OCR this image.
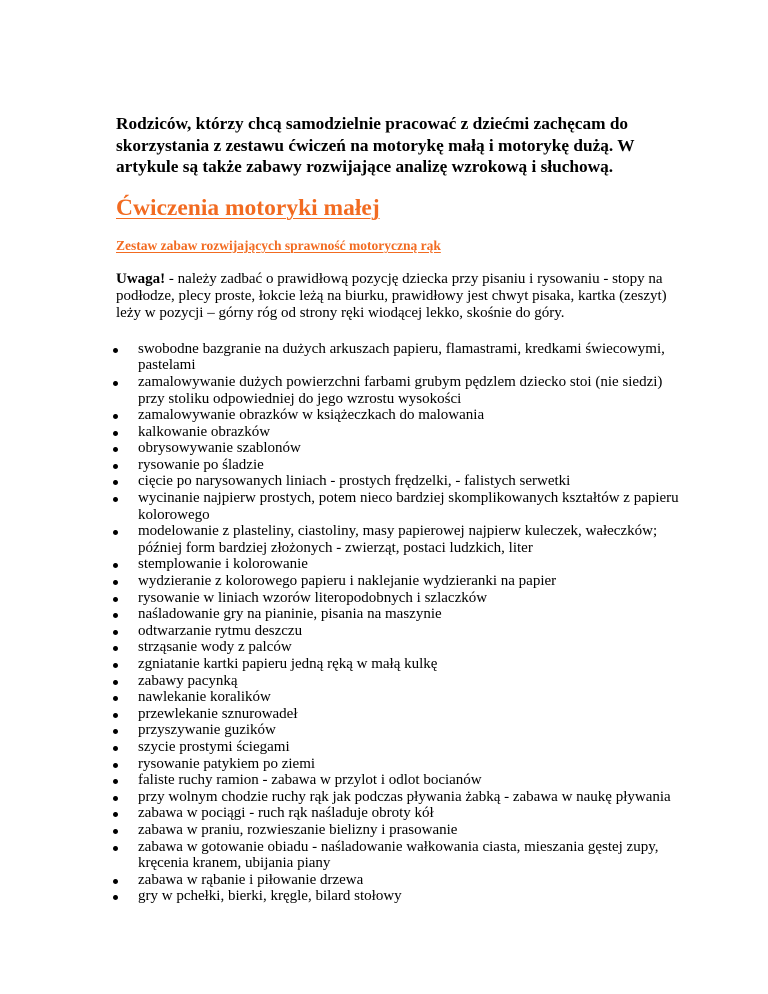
Rodziców, którzy chcą samodzielnie pracować z dziećmi zachęcam do skorzystania z zestawu ćwiczeń na motorykę małą i motorykę dużą. W artykule są także zabawy rozwijające analizę wzrokową i słuchową.

Ćwiczenia motoryki małej
Zestaw zabaw rozwijających sprawność motoryczną rąk

Uwaga! - należy zadbać o prawidłową pozycję dziecka przy pisaniu i rysowaniu - stopy na podłodze, plecy proste, łokcie leżą na biurku, prawidłowy jest chwyt pisaka, kartka (zeszyt) leży w pozycji – górny róg od strony ręki wiodącej lekko, skośnie do góry.

swobodne bazgranie na dużych arkuszach papieru, flamastrami, kredkami świecowymi, pastelami
zamalowywanie dużych powierzchni farbami grubym pędzlem dziecko stoi (nie siedzi) przy stoliku odpowiedniej do jego wzrostu wysokości
zamalowywanie obrazków w książeczkach do malowania
kalkowanie obrazków
obrysowywanie szablonów
rysowanie po śladzie
cięcie po narysowanych liniach - prostych frędzelki, - falistych serwetki
wycinanie najpierw prostych, potem nieco bardziej skomplikowanych kształtów z papieru kolorowego
modelowanie z plasteliny, ciastoliny, masy papierowej najpierw kuleczek, wałeczków; później form bardziej złożonych - zwierząt, postaci ludzkich, liter
stemplowanie i kolorowanie
wydzieranie z kolorowego papieru i naklejanie wydzieranki na papier
rysowanie w liniach wzorów literopodobnych i szlaczków
naśladowanie gry na pianinie, pisania na maszynie
odtwarzanie rytmu deszczu
strząsanie wody z palców
zgniatanie kartki papieru jedną ręką w małą kulkę
zabawy pacynką
nawlekanie koralików
przewlekanie sznurowadeł
przyszywanie guzików
szycie prostymi ściegami
rysowanie patykiem po ziemi
faliste ruchy ramion - zabawa w przylot i odlot bocianów
przy wolnym chodzie ruchy rąk jak podczas pływania żabką - zabawa w naukę pływania
zabawa w pociągi - ruch rąk naśladuje obroty kół
zabawa w praniu, rozwieszanie bielizny i prasowanie
zabawa w gotowanie obiadu - naśladowanie wałkowania ciasta, mieszania gęstej zupy, kręcenia kranem, ubijania piany
zabawa w rąbanie i piłowanie drzewa
gry w pchełki, bierki, kręgle, bilard stołowy
